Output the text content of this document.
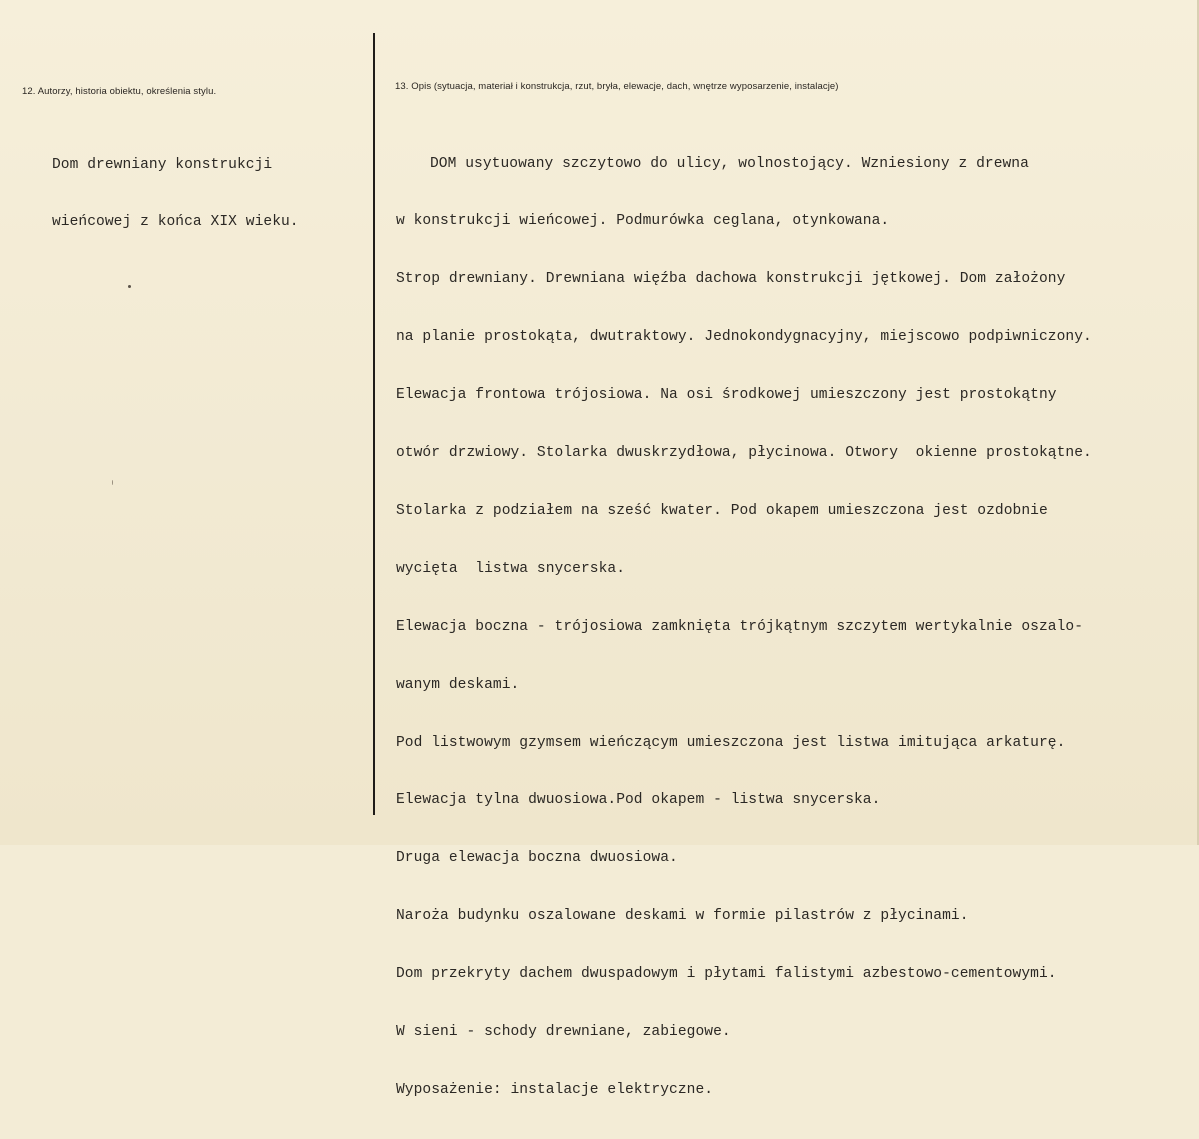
12. Autorzy, historia obiektu, określenia stylu.	13. Opis (sytuacja, materiał i konstrukcja, rzut, bryła, elewacje, dach, wnętrze wyposarzenie, instalacje)

Dom drewniany konstrukcji

wieńcowej z końca XIX wieku.

DOM usytuowany szczytowo do ulicy, wolnostojący. Wzniesiony z drewna

w konstrukcji wieńcowej. Podmurówka ceglana, otynkowana.

Strop drewniany. Drewniana więźba dachowa konstrukcji jętkowej. Dom założony

na planie prostokąta, dwutraktowy. Jednokondygnacyjny, miejscowo podpiwniczony.

Elewacja frontowa trójosiowa. Na osi środkowej umieszczony jest prostokątny

otwór drzwiowy. Stolarka dwuskrzydłowa, płycinowa. Otwory  okienne prostokątne.

Stolarka z podziałem na sześć kwater. Pod okapem umieszczona jest ozdobnie

wycięta  listwa snycerska.

Elewacja boczna - trójosiowa zamknięta trójkątnym szczytem wertykalnie oszalo-

wanym deskami.

Pod listwowym gzymsem wieńczącym umieszczona jest listwa imitująca arkaturę.

Elewacja tylna dwuosiowa.Pod okapem - listwa snycerska.

Druga elewacja boczna dwuosiowa.

Naroża budynku oszalowane deskami w formie pilastrów z płycinami.

Dom przekryty dachem dwuspadowym i płytami falistymi azbestowo-cementowymi.

W sieni - schody drewniane, zabiegowe.

Wyposażenie: instalacje elektryczne.
